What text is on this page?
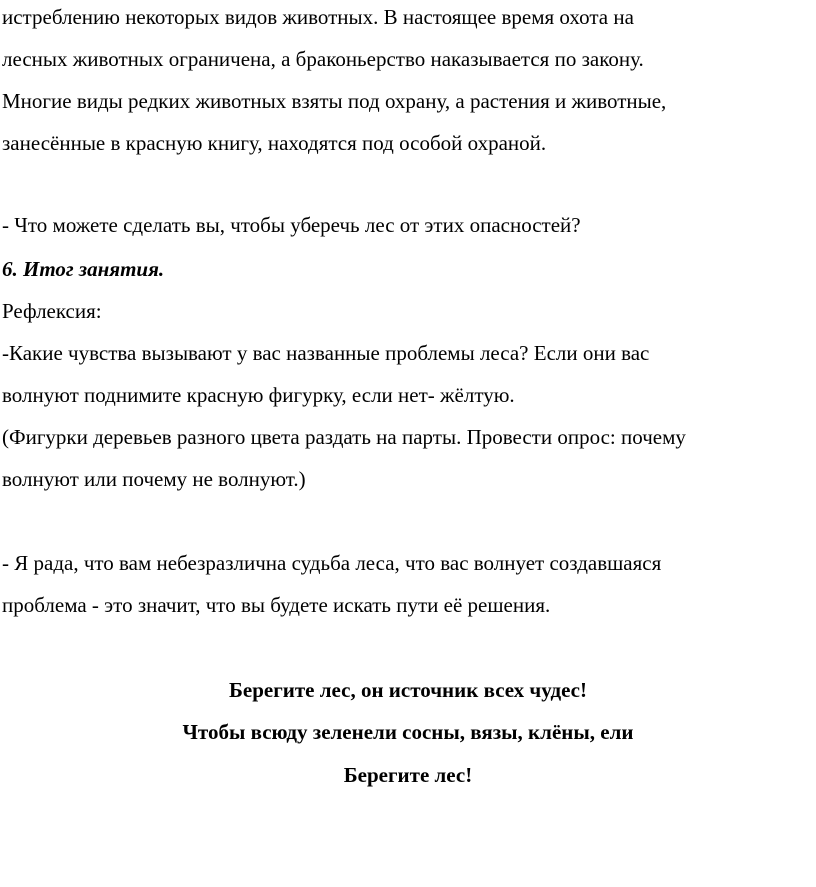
истреблению некоторых видов животных. В настоящее время охота на
лесных животных ограничена, а браконьерство наказывается по закону.
Многие виды редких животных взяты под охрану, а растения и животные,
занесённые в красную книгу, находятся под особой охраной.
- Что можете сделать вы, чтобы уберечь лес от этих опасностей?
6. Итог занятия.
Рефлексия:
-Какие чувства вызывают у вас названные проблемы леса? Если они вас
волнуют поднимите красную фигурку, если нет- жёлтую.
(Фигурки деревьев разного цвета раздать на парты. Провести опрос: почему
волнуют или почему не волнуют.)
- Я рада, что вам небезразлична судьба леса, что вас волнует создавшаяся
проблема - это значит, что вы будете искать пути её решения.
Берегите лес, он источник всех чудес!
Чтобы всюду зеленели сосны, вязы, клёны, ели
Берегите лес!
